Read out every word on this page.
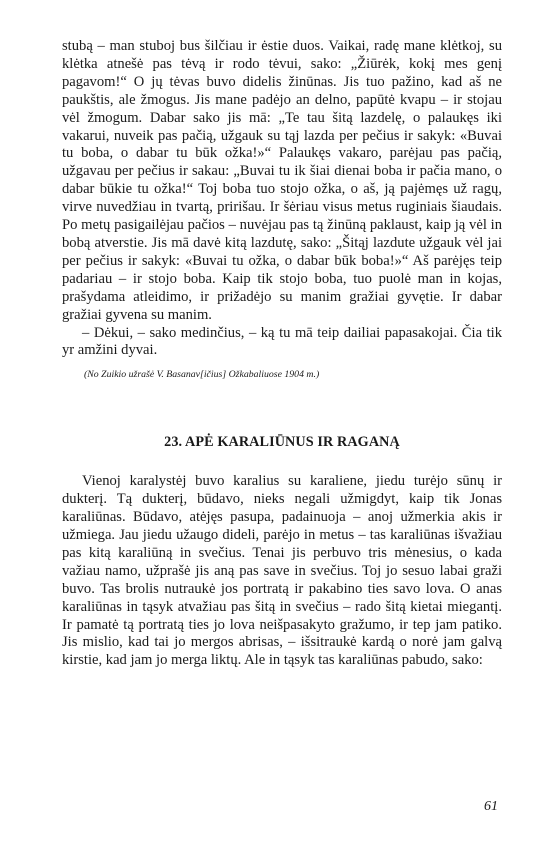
stubą – man stuboj bus šilčiau ir ėstie duos. Vaikai, radę mane klėtkoj, su klėtka atnešė pas tėvą ir rodo tėvui, sako: „Žiūrėk, kokį mes genį pagavom!“ O jų tėvas buvo didelis žinūnas. Jis tuo pažino, kad aš ne paukštis, ale žmogus. Jis mane padėjo an delno, papūtė kvapu – ir stojau vėl žmogum. Dabar sako jis mā: „Te tau šitą lazdelę, o palaukęs iki vakarui, nuveik pas pačią, užgauk su tąj lazda per pečius ir sakyk: «Buvai tu boba, o dabar tu būk ožka!»“ Palaukęs vakaro, parėjau pas pačią, užgavau per pečius ir sakau: „Buvai tu ik šiai dienai boba ir pačia mano, o dabar būkie tu ožka!“ Toj boba tuo stojo ožka, o aš, ją pajėmęs už ragų, virve nuvedžiau in tvartą, pririšau. Ir šėriau visus metus ruginiais šiaudais. Po metų pasigailėjau pačios – nuvėjau pas tą žinūną paklaust, kaip ją vėl in bobą atverstie. Jis mā davė kitą lazdutę, sako: „Šitąj lazdute užgauk vėl jai per pečius ir sakyk: «Buvai tu ožka, o dabar būk boba!»“ Aš parėjęs teip padariau – ir stojo boba. Kaip tik stojo boba, tuo puolė man in kojas, prašydama atleidimo, ir prižadėjo su manim gražiai gyvętie. Ir dabar gražiai gyvena su manim.

– Dėkui, – sako medinčius, – ką tu mā teip dailiai papasakojai. Čia tik yr amžini dyvai.

(No Zuikio užrašė V. Basanav[ičius] Ožkabaliuose 1904 m.)

23. APĖ KARALIŪNUS IR RAGANĄ

Vienoj karalystėj buvo karalius su karaliene, jiedu turėjo sūnų ir dukterį. Tą dukterį, būdavo, nieks negali užmigdyt, kaip tik Jonas karaliūnas. Būdavo, atėjęs pasupa, padainuoja – anoj užmerkia akis ir užmiega. Jau jiedu užaugo dideli, parėjo in metus – tas karaliūnas išvažiau pas kitą karaliūną in svečius. Tenai jis perbuvo tris mėnesius, o kada važiau namo, užprašė jis aną pas save in svečius. Toj jo sesuo labai graži buvo. Tas brolis nutraukė jos portratą ir pakabino ties savo lova. O anas karaliūnas in tąsyk atvažiau pas šitą in svečius – rado šitą kietai miegantį. Ir pamatė tą portratą ties jo lova neišpasakyto gražumo, ir tep jam patiko. Jis mislio, kad tai jo mergos abrisas, – išsitraukė kardą o norė jam galvą kirstie, kad jam jo merga liktų. Ale in tąsyk tas karaliūnas pabudo, sako:

61
